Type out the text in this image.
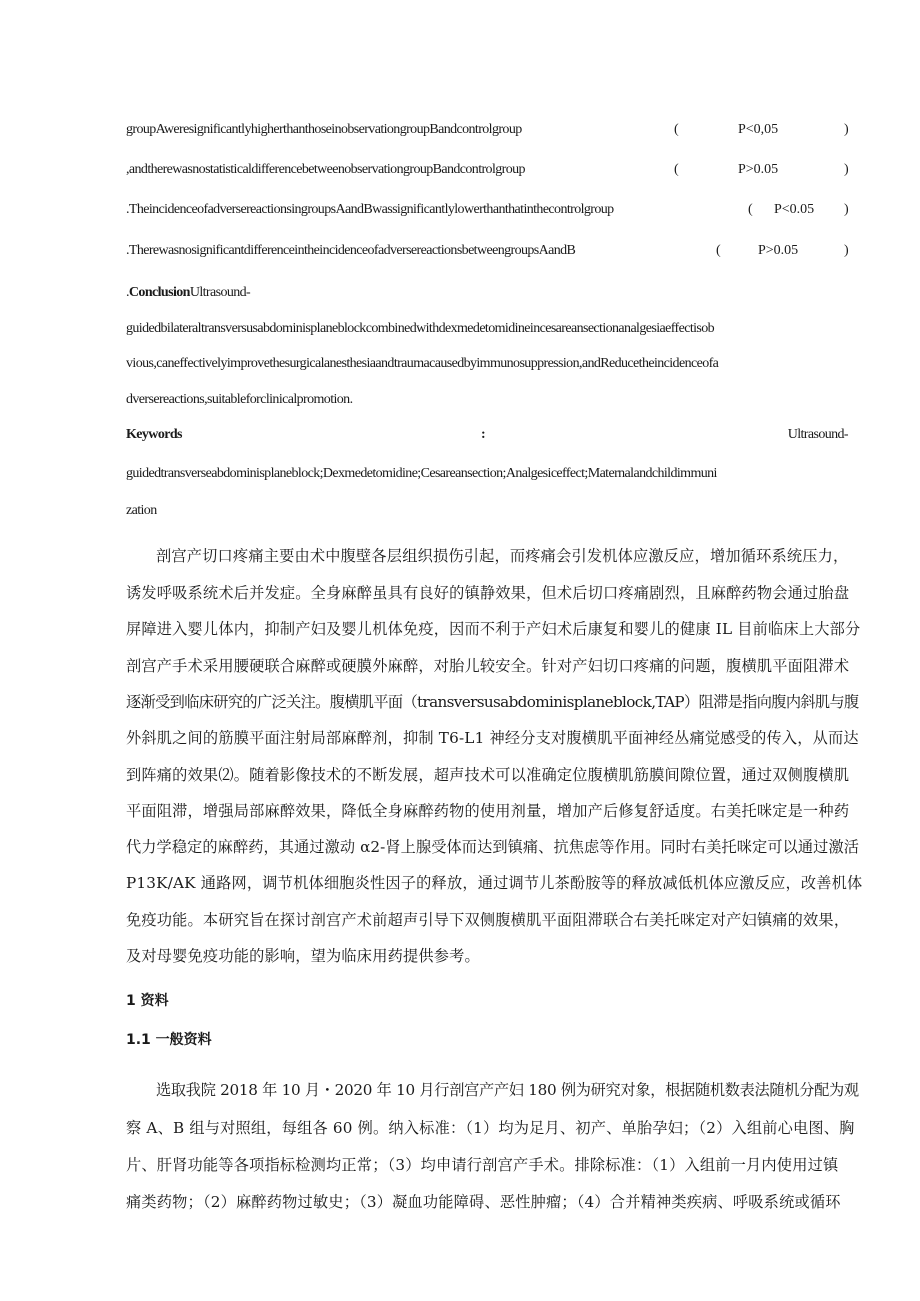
groupAweresignificantlyhigherthanthoseinobservationgroupBandcontrolgroup	(	P<0,05	)
,andtherewasnostatisticaldifferencebetweenobservationgroupBandcontrolgroup	(	P>0.05	)
.TheincidenceofadversereactionsingroupsAandBwassignificantlylowerthanthatinthecontrolgroup	( P<0.05 )
.TherewasnosignificantdifferenceintheincidenceofadversereactionsbetweengroupsAandB	(	P>0.05	)
.ConclusionUltrasound-
guidedbilateraltransversusabdominisplaneblockcombinedwithdexmedetomidineincesareansectionanalgesiaeffectisob
vious,caneffectivelyimprovethesurgicalanesthesiaandtraumacausedbyimmunosuppression,andReducetheincidenceofa
dversereactions,suitableforclinicalpromotion.
Keywords	:	Ultrasound-
guidedtransverseabdominisplaneblock;Dexmedetomidine;Cesareansection;Analgesiceffect;Maternalandchildimmuni
zation
剖宫产切口疼痛主要由术中腹壁各层组织损伤引起，而疼痛会引发机体应激反应，增加循环系统压力，
诱发呼吸系统术后并发症。全身麻醉虽具有良好的镇静效果，但术后切口疼痛剧烈，且麻醉药物会通过胎盘
屏障进入婴儿体内，抑制产妇及婴儿机体免疫，因而不利于产妇术后康复和婴儿的健康 IL 目前临床上大部分
剖宫产手术采用腰硬联合麻醉或硬膜外麻醉，对胎儿较安全。针对产妇切口疼痛的问题，腹横肌平面阻滞术
逐渐受到临床研究的广泛关注。腹横肌平面（transversusabdominisplaneblock,TAP）阻滞是指向腹内斜肌与腹
外斜肌之间的筋膜平面注射局部麻醉剂，抑制 T6-L1 神经分支对腹横肌平面神经丛痛觉感受的传入，从而达
到阵痛的效果⑵。随着影像技术的不断发展，超声技术可以准确定位腹横肌筋膜间隙位置，通过双侧腹横肌
平面阻滞，增强局部麻醉效果，降低全身麻醉药物的使用剂量，增加产后修复舒适度。右美托咪定是一种药
代力学稳定的麻醉药，其通过激动 α2-肾上腺受体而达到镇痛、抗焦虑等作用。同时右美托咪定可以通过激活
P13K/AK 通路网，调节机体细胞炎性因子的释放，通过调节儿茶酚胺等的释放减低机体应激反应，改善机体
免疫功能。本研究旨在探讨剖宫产术前超声引导下双侧腹横肌平面阻滞联合右美托咪定对产妇镇痛的效果，
及对母婴免疫功能的影响，望为临床用药提供参考。
1 资料
1.1 一般资料
选取我院 2018 年 10 月・2020 年 10 月行剖宫产产妇 180 例为研究对象，根据随机数表法随机分配为观
察 A、B 组与对照组，每组各 60 例。纳入标准：（1）均为足月、初产、单胎孕妇；（2）入组前心电图、胸
片、肝肾功能等各项指标检测均正常；（3）均申请行剖宫产手术。排除标准：（1）入组前一月内使用过镇
痛类药物；（2）麻醉药物过敏史；（3）凝血功能障碍、恶性肿瘤；（4）合并精神类疾病、呼吸系统或循环
